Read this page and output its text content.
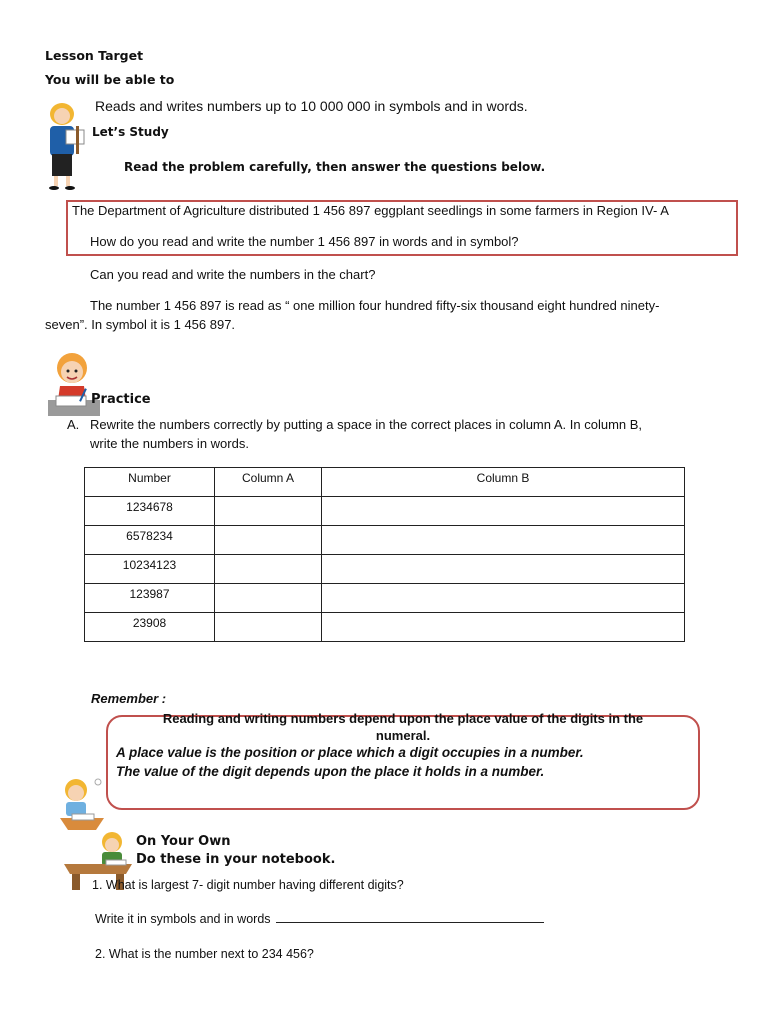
Lesson Target
You will be able to
Reads and writes numbers up to 10 000 000 in symbols and in words.
Let’s Study
Read the problem carefully, then answer the questions below.
The Department of Agriculture distributed 1 456 897 eggplant seedlings in some farmers in Region IV- A
How do you read and write the number 1 456 897 in words and in symbol?
Can you read and write the numbers in the chart?
The number 1 456 897 is read as “ one million four hundred fifty-six thousand eight hundred ninety-
seven”. In symbol it is 1 456 897.
Practice
A. Rewrite the numbers correctly by putting a space in the correct places in column A. In column B,
write the numbers in words.
Number	Column A	Column B
1234678		
6578234		
10234123		
123987		
23908		
Remember :
Reading and writing numbers depend upon the place value of the digits in the
numeral.
A place value is the position or place which a digit occupies in a number.
The value of the digit depends upon the place it holds in a number.
On Your Own
Do these in your notebook.
1. What is largest 7- digit number having different digits?
Write it in symbols and in words
2. What is the number next to 234 456?
